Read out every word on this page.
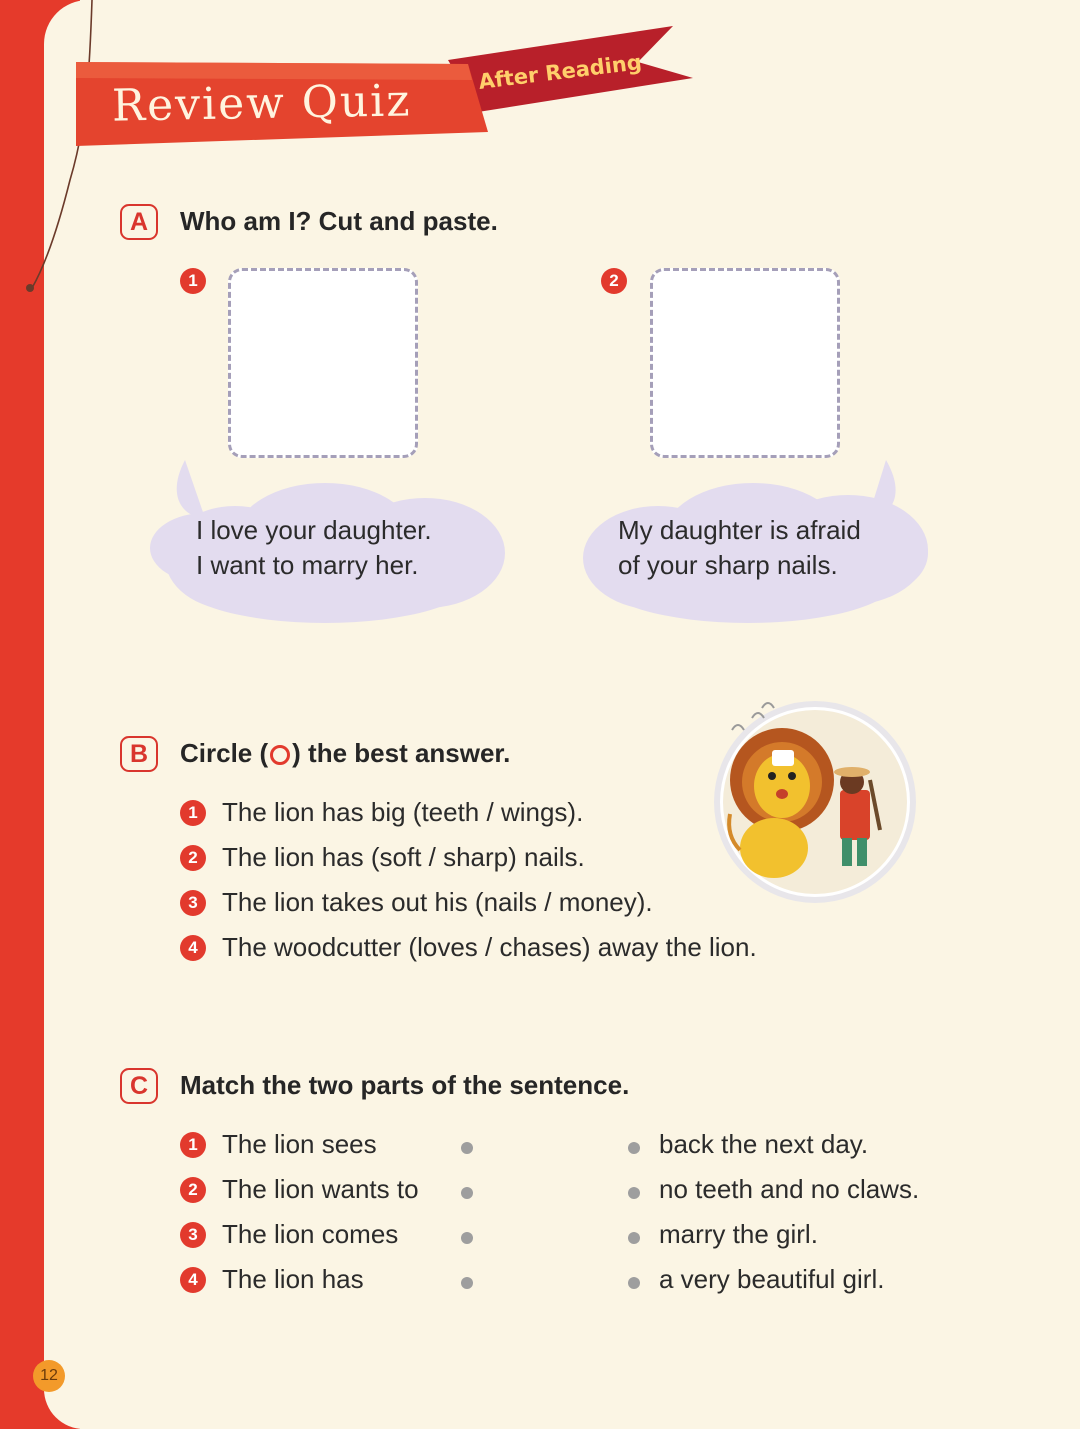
Review Quiz
After Reading
A	Who am I? Cut and paste.
1
I love your daughter.
I want to marry her.
2
My daughter is afraid
of your sharp nails.
B	Circle ( ) the best answer.
1 The lion has big (teeth / wings).
2 The lion has (soft / sharp) nails.
3 The lion takes out his (nails / money).
4 The woodcutter (loves / chases) away the lion.
C	Match the two parts of the sentence.
1 The lion sees	back the next day.
2 The lion wants to	no teeth and no claws.
3 The lion comes	marry the girl.
4 The lion has	a very beautiful girl.
12
